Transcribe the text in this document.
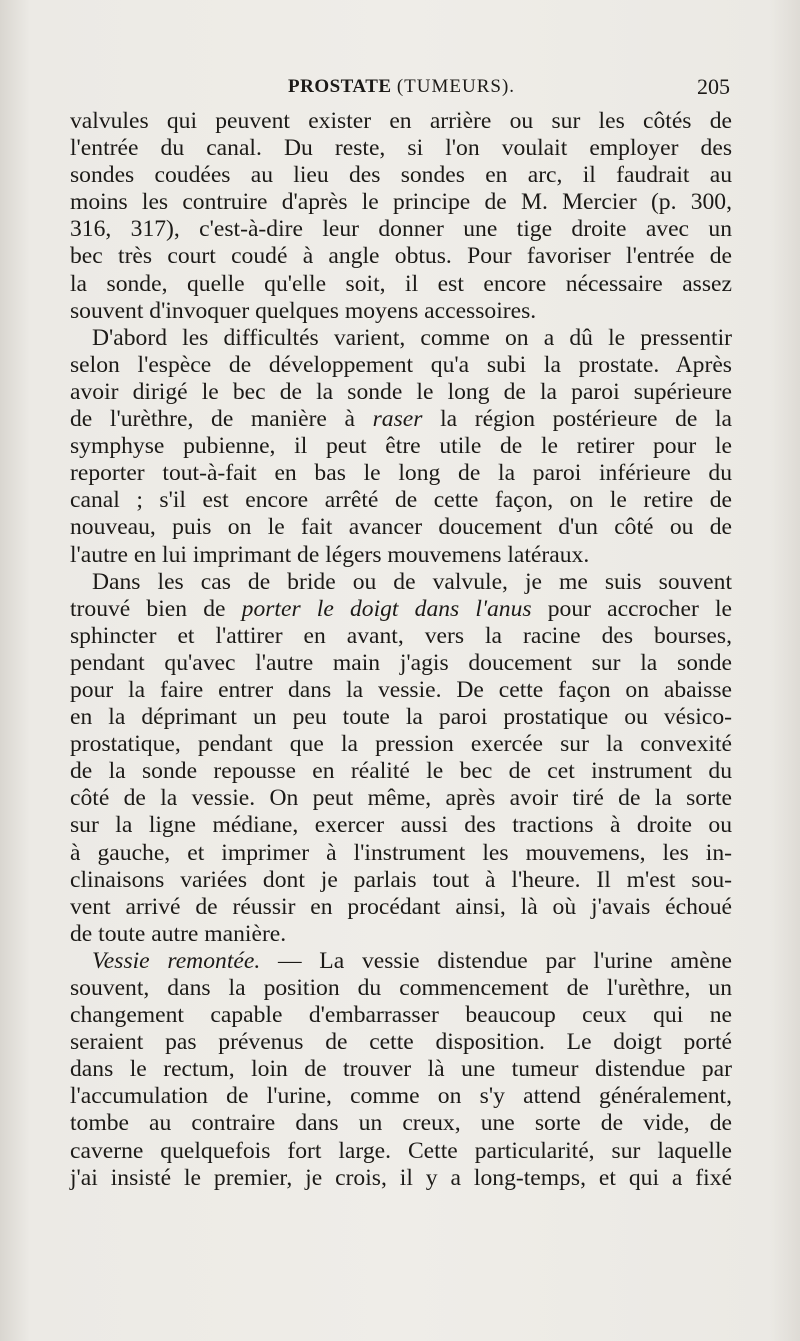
PROSTATE (TUMEURS).	205
valvules qui peuvent exister en arrière ou sur les côtés de
l'entrée du canal. Du reste, si l'on voulait employer des
sondes coudées au lieu des sondes en arc, il faudrait au
moins les contruire d'après le principe de M. Mercier (p. 300,
316, 317), c'est-à-dire leur donner une tige droite avec un
bec très court coudé à angle obtus. Pour favoriser l'entrée de
la sonde, quelle qu'elle soit, il est encore nécessaire assez
souvent d'invoquer quelques moyens accessoires.
D'abord les difficultés varient, comme on a dû le pressentir
selon l'espèce de développement qu'a subi la prostate. Après
avoir dirigé le bec de la sonde le long de la paroi supérieure
de l'urèthre, de manière à raser la région postérieure de la
symphyse pubienne, il peut être utile de le retirer pour le
reporter tout-à-fait en bas le long de la paroi inférieure du
canal ; s'il est encore arrêté de cette façon, on le retire de
nouveau, puis on le fait avancer doucement d'un côté ou de
l'autre en lui imprimant de légers mouvemens latéraux.
Dans les cas de bride ou de valvule, je me suis souvent
trouvé bien de porter le doigt dans l'anus pour accrocher le
sphincter et l'attirer en avant, vers la racine des bourses,
pendant qu'avec l'autre main j'agis doucement sur la sonde
pour la faire entrer dans la vessie. De cette façon on abaisse
en la déprimant un peu toute la paroi prostatique ou vésico-
prostatique, pendant que la pression exercée sur la convexité
de la sonde repousse en réalité le bec de cet instrument du
côté de la vessie. On peut même, après avoir tiré de la sorte
sur la ligne médiane, exercer aussi des tractions à droite ou
à gauche, et imprimer à l'instrument les mouvemens, les in-
clinaisons variées dont je parlais tout à l'heure. Il m'est sou-
vent arrivé de réussir en procédant ainsi, là où j'avais échoué
de toute autre manière.
Vessie remontée. — La vessie distendue par l'urine amène
souvent, dans la position du commencement de l'urèthre, un
changement capable d'embarrasser beaucoup ceux qui ne
seraient pas prévenus de cette disposition. Le doigt porté
dans le rectum, loin de trouver là une tumeur distendue par
l'accumulation de l'urine, comme on s'y attend généralement,
tombe au contraire dans un creux, une sorte de vide, de
caverne quelquefois fort large. Cette particularité, sur laquelle
j'ai insisté le premier, je crois, il y a long-temps, et qui a fixé
